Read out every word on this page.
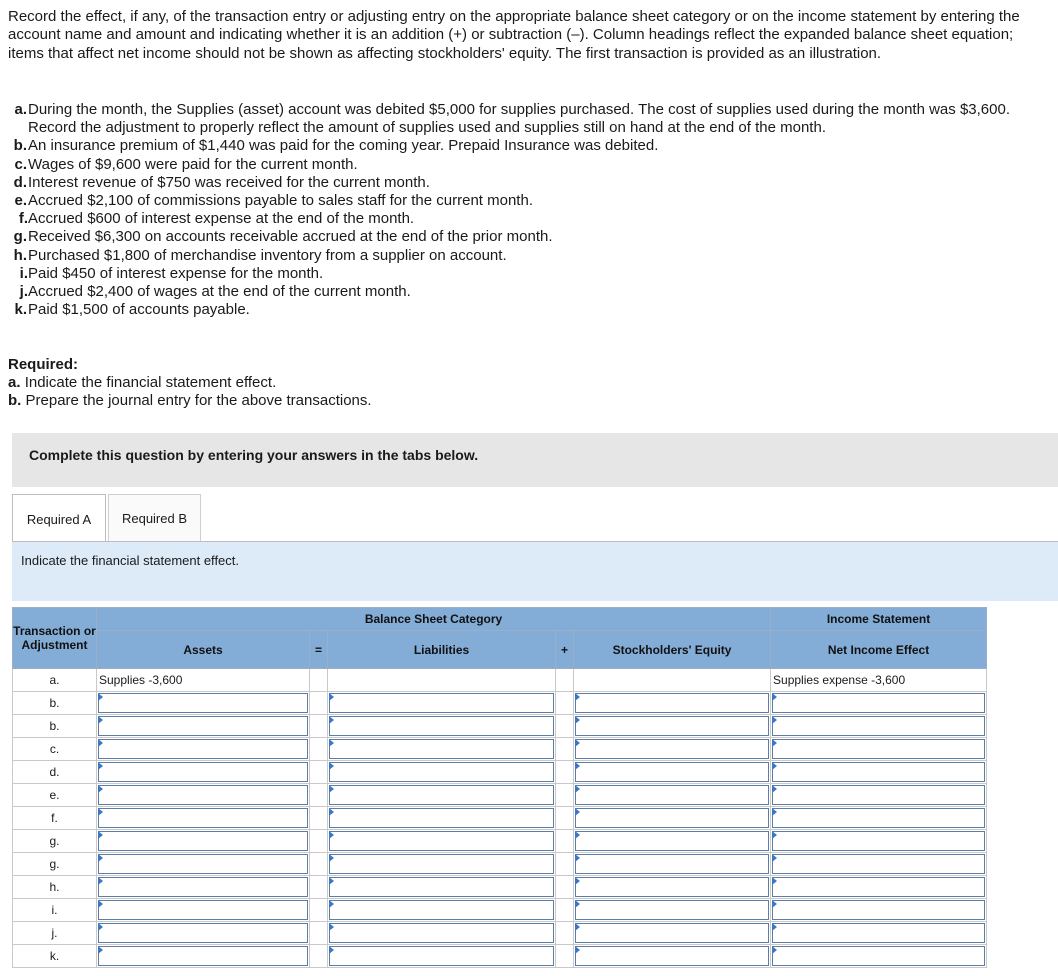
Record the effect, if any, of the transaction entry or adjusting entry on the appropriate balance sheet category or on the income statement by entering the account name and amount and indicating whether it is an addition (+) or subtraction (–). Column headings reflect the expanded balance sheet equation; items that affect net income should not be shown as affecting stockholders' equity. The first transaction is provided as an illustration.
a. During the month, the Supplies (asset) account was debited $5,000 for supplies purchased. The cost of supplies used during the month was $3,600. Record the adjustment to properly reflect the amount of supplies used and supplies still on hand at the end of the month.
b. An insurance premium of $1,440 was paid for the coming year. Prepaid Insurance was debited.
c. Wages of $9,600 were paid for the current month.
d. Interest revenue of $750 was received for the current month.
e. Accrued $2,100 of commissions payable to sales staff for the current month.
f. Accrued $600 of interest expense at the end of the month.
g. Received $6,300 on accounts receivable accrued at the end of the prior month.
h. Purchased $1,800 of merchandise inventory from a supplier on account.
i. Paid $450 of interest expense for the month.
j. Accrued $2,400 of wages at the end of the current month.
k. Paid $1,500 of accounts payable.
Required:
a. Indicate the financial statement effect.
b. Prepare the journal entry for the above transactions.
Complete this question by entering your answers in the tabs below.
Required A	Required B
Indicate the financial statement effect.
Transaction or Adjustment	Balance Sheet Category					Income Statement
	Assets	=	Liabilities	+	Stockholders' Equity	Net Income Effect
a.	Supplies -3,600					Supplies expense -3,600
b.	

b.	

c.	

d.	

e.	

f.	

g.	

g.	

h.	

i.	

j.	

k.	
